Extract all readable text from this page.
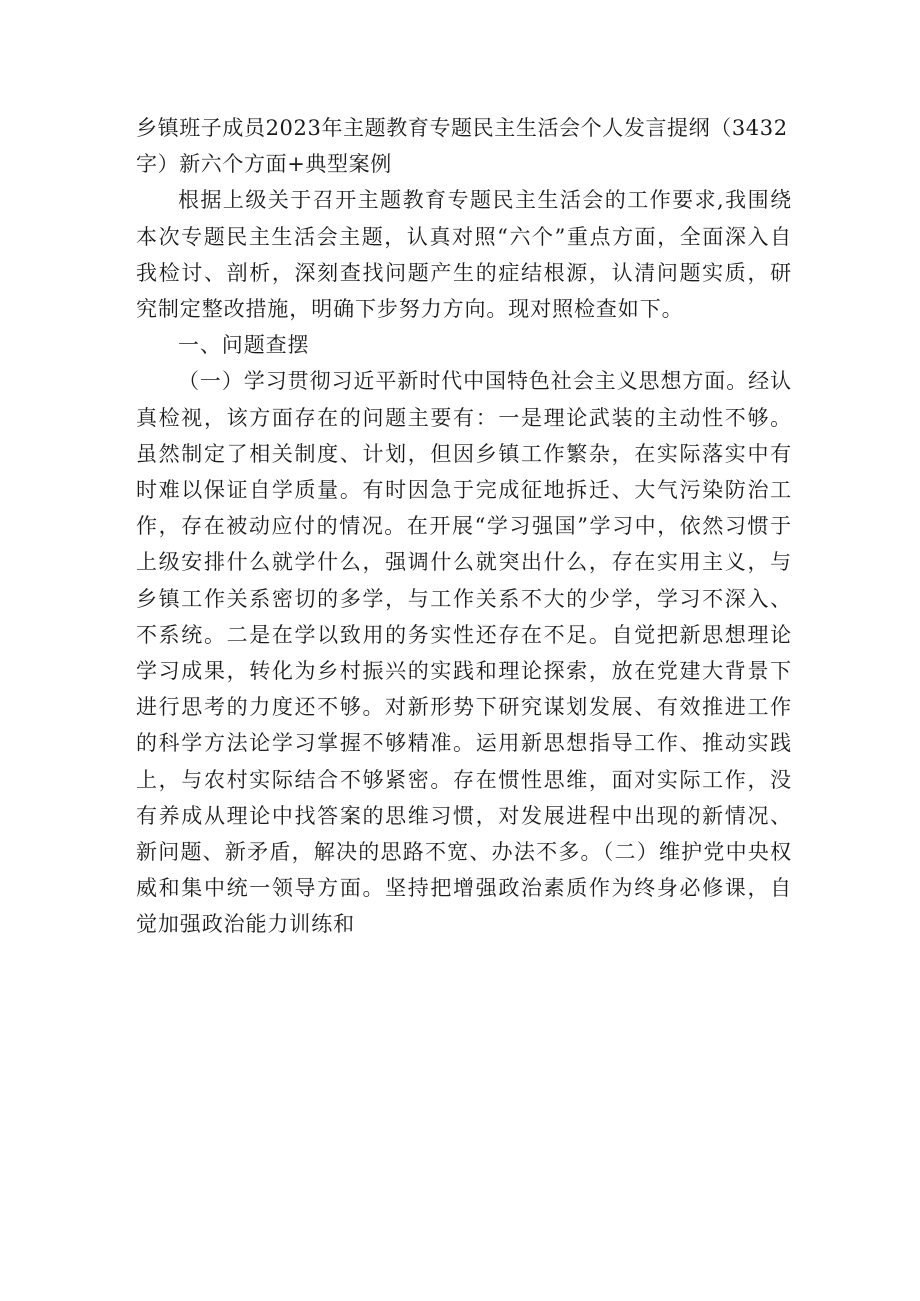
乡镇班子成员2023年主题教育专题民主生活会个人发言提纲（3432字）新六个方面+典型案例

根据上级关于召开主题教育专题民主生活会的工作要求,我围绕本次专题民主生活会主题，认真对照“六个”重点方面，全面深入自我检讨、剖析，深刻查找问题产生的症结根源，认清问题实质，研究制定整改措施，明确下步努力方向。现对照检查如下。

一、问题查摆

（一）学习贯彻习近平新时代中国特色社会主义思想方面。经认真检视，该方面存在的问题主要有：一是理论武装的主动性不够。虽然制定了相关制度、计划，但因乡镇工作繁杂，在实际落实中有时难以保证自学质量。有时因急于完成征地拆迁、大气污染防治工作，存在被动应付的情况。在开展“学习强国”学习中，依然习惯于上级安排什么就学什么，强调什么就突出什么，存在实用主义，与乡镇工作关系密切的多学，与工作关系不大的少学，学习不深入、不系统。二是在学以致用的务实性还存在不足。自觉把新思想理论学习成果，转化为乡村振兴的实践和理论探索，放在党建大背景下进行思考的力度还不够。对新形势下研究谋划发展、有效推进工作的科学方法论学习掌握不够精准。运用新思想指导工作、推动实践上，与农村实际结合不够紧密。存在惯性思维，面对实际工作，没有养成从理论中找答案的思维习惯，对发展进程中出现的新情况、新问题、新矛盾，解决的思路不宽、办法不多。（二）维护党中央权威和集中统一领导方面。坚持把增强政治素质作为终身必修课，自觉加强政治能力训练和
